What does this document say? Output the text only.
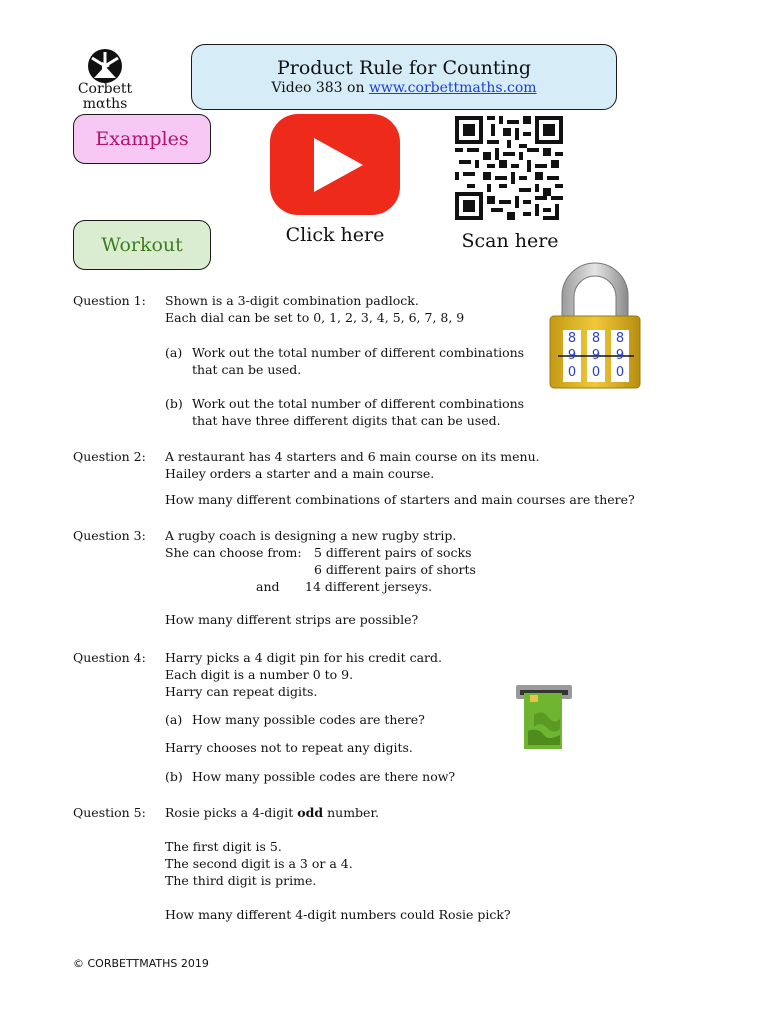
Corbett
mαths
Product Rule for Counting
Video 383 on www.corbettmaths.com
Examples
Workout	Click here	Scan here
8	8	8
9	9	9
0	0	0
Question 1: Shown is a 3-digit combination padlock.
Each dial can be set to 0, 1, 2, 3, 4, 5, 6, 7, 8, 9
(a) Work out the total number of different combinations
that can be used.
(b) Work out the total number of different combinations
that have three different digits that can be used.
Question 2: A restaurant has 4 starters and 6 main course on its menu.
Hailey orders a starter and a main course.
How many different combinations of starters and main courses are there?
Question 3: A rugby coach is designing a new rugby strip.
She can choose from: 5 different pairs of socks
6 different pairs of shorts
and 14 different jerseys.
How many different strips are possible?
Question 4: Harry picks a 4 digit pin for his credit card.
Each digit is a number 0 to 9.
Harry can repeat digits.
(a) How many possible codes are there?
Harry chooses not to repeat any digits.
(b) How many possible codes are there now?
Question 5: Rosie picks a 4-digit odd number.
The first digit is 5.
The second digit is a 3 or a 4.
The third digit is prime.
How many different 4-digit numbers could Rosie pick?
© CORBETTMATHS 2019
